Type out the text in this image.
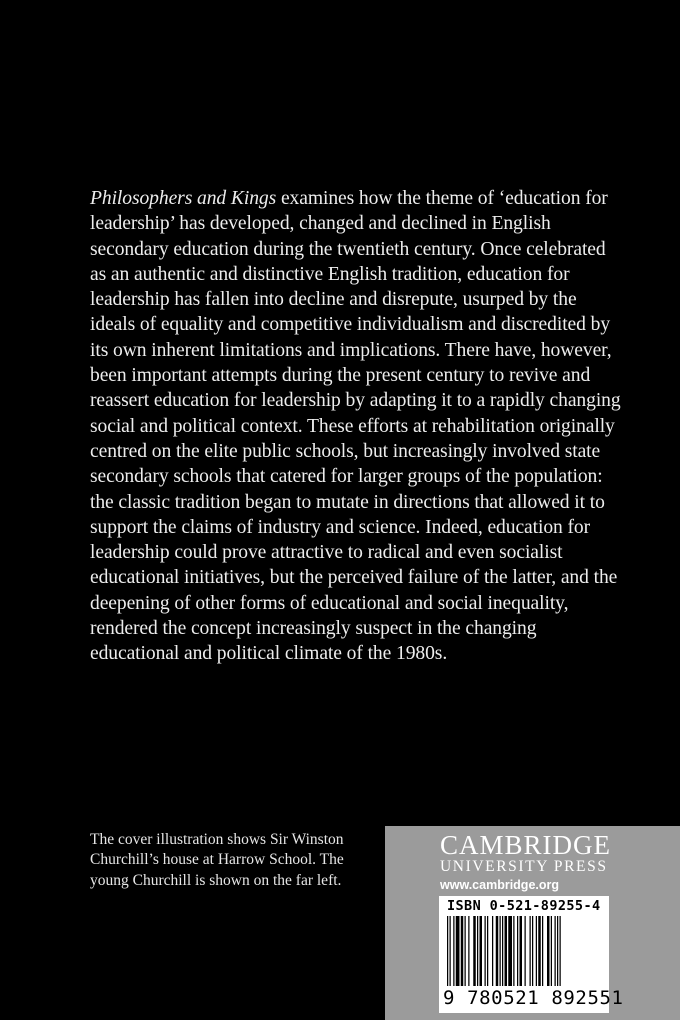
Philosophers and Kings examines how the theme of ‘education for
leadership’ has developed, changed and declined in English
secondary education during the twentieth century. Once celebrated
as an authentic and distinctive English tradition, education for
leadership has fallen into decline and disrepute, usurped by the
ideals of equality and competitive individualism and discredited by
its own inherent limitations and implications. There have, however,
been important attempts during the present century to revive and
reassert education for leadership by adapting it to a rapidly changing
social and political context. These efforts at rehabilitation originally
centred on the elite public schools, but increasingly involved state
secondary schools that catered for larger groups of the population:
the classic tradition began to mutate in directions that allowed it to
support the claims of industry and science. Indeed, education for
leadership could prove attractive to radical and even socialist
educational initiatives, but the perceived failure of the latter, and the
deepening of other forms of educational and social inequality,
rendered the concept increasingly suspect in the changing
educational and political climate of the 1980s.
The cover illustration shows Sir Winston
Churchill’s house at Harrow School. The
young Churchill is shown on the far left.
CAMBRIDGE
UNIVERSITY PRESS
www.cambridge.org
ISBN 0-521-89255-4
9 780521 892551
